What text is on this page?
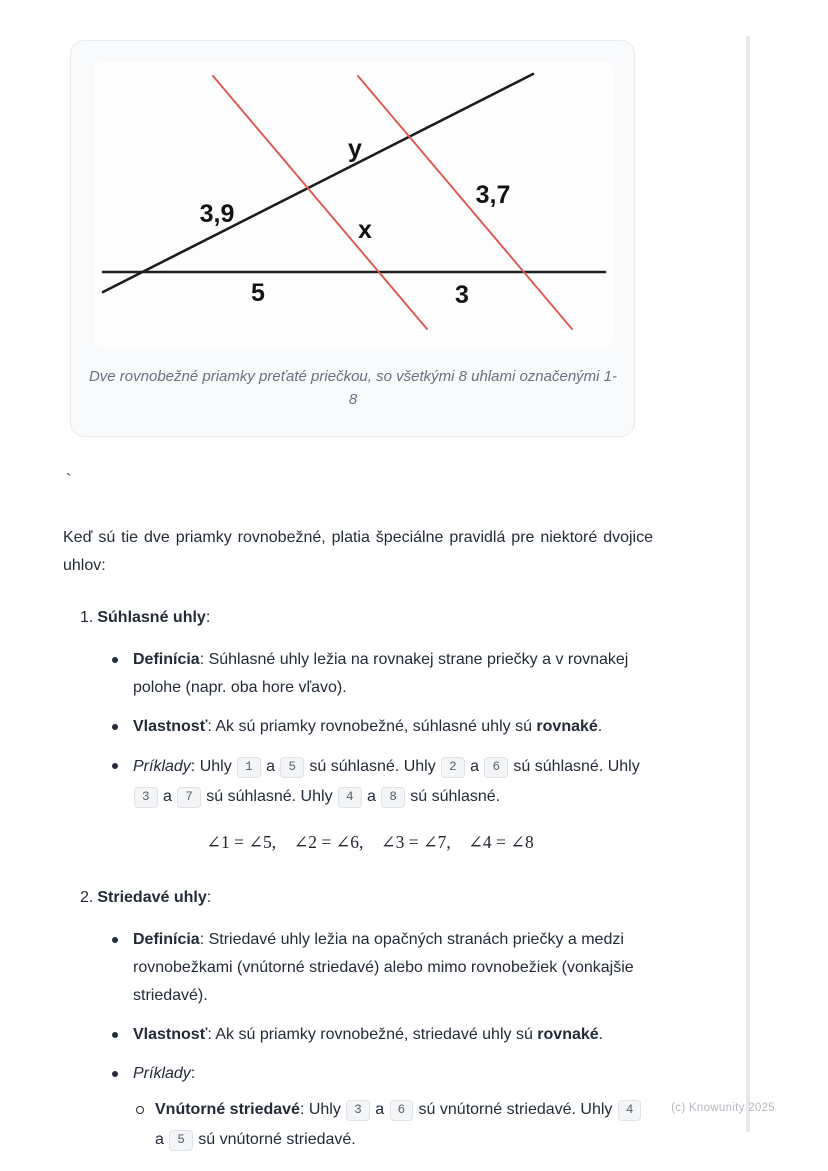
y
3,9
3,7
x
5	3
Dve rovnobežné priamky preťaté priečkou, so všetkými 8 uhlami označenými 1-8
`

Keď sú tie dve priamky rovnobežné, platia špeciálne pravidlá pre niektoré dvojice uhlov:

1. Súhlasné uhly:
Definícia: Súhlasné uhly ležia na rovnakej strane priečky a v rovnakej polohe (napr. oba hore vľavo).
Vlastnosť: Ak sú priamky rovnobežné, súhlasné uhly sú rovnaké.
Príklady: Uhly 1 a 5 sú súhlasné. Uhly 2 a 6 sú súhlasné. Uhly 3 a 7 sú súhlasné. Uhly 4 a 8 sú súhlasné.
∠1 = ∠5,    ∠2 = ∠6,    ∠3 = ∠7,    ∠4 = ∠8
2. Striedavé uhly:
Definícia: Striedavé uhly ležia na opačných stranách priečky a medzi rovnobežkami (vnútorné striedavé) alebo mimo rovnobežiek (vonkajšie striedavé).
Vlastnosť: Ak sú priamky rovnobežné, striedavé uhly sú rovnaké.
Príklady:
Vnútorné striedavé: Uhly 3 a 6 sú vnútorné striedavé. Uhly 4 a 5 sú vnútorné striedavé.
(c) Knowunity 2025
